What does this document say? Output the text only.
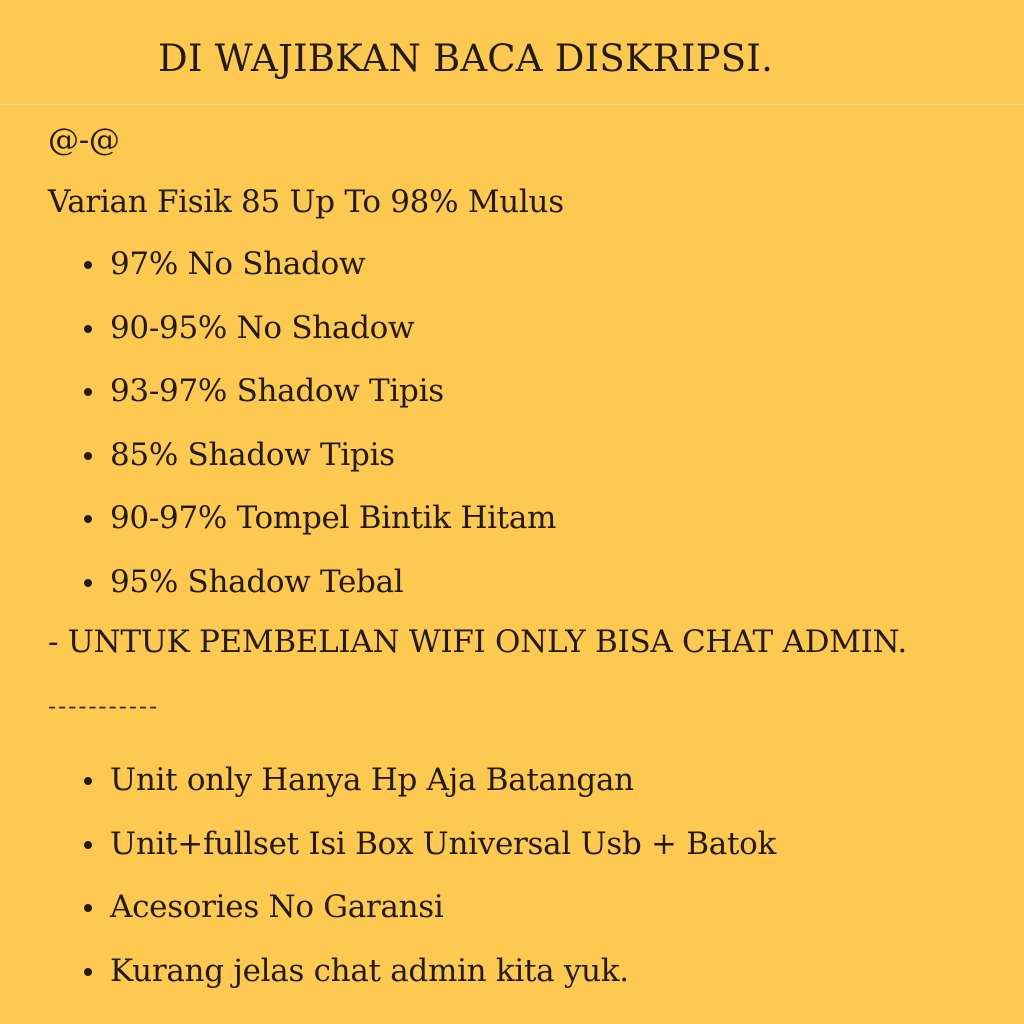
DI WAJIBKAN BACA DISKRIPSI.

@-@

Varian Fisik 85 Up To 98% Mulus

97% No Shadow
90-95% No Shadow
93-97% Shadow Tipis
85% Shadow Tipis
90-97% Tompel Bintik Hitam
95% Shadow Tebal

- UNTUK PEMBELIAN WIFI ONLY BISA CHAT ADMIN.

-----------

Unit only Hanya Hp Aja Batangan
Unit+fullset Isi Box Universal Usb + Batok
Acesories No Garansi
Kurang jelas chat admin kita yuk.
